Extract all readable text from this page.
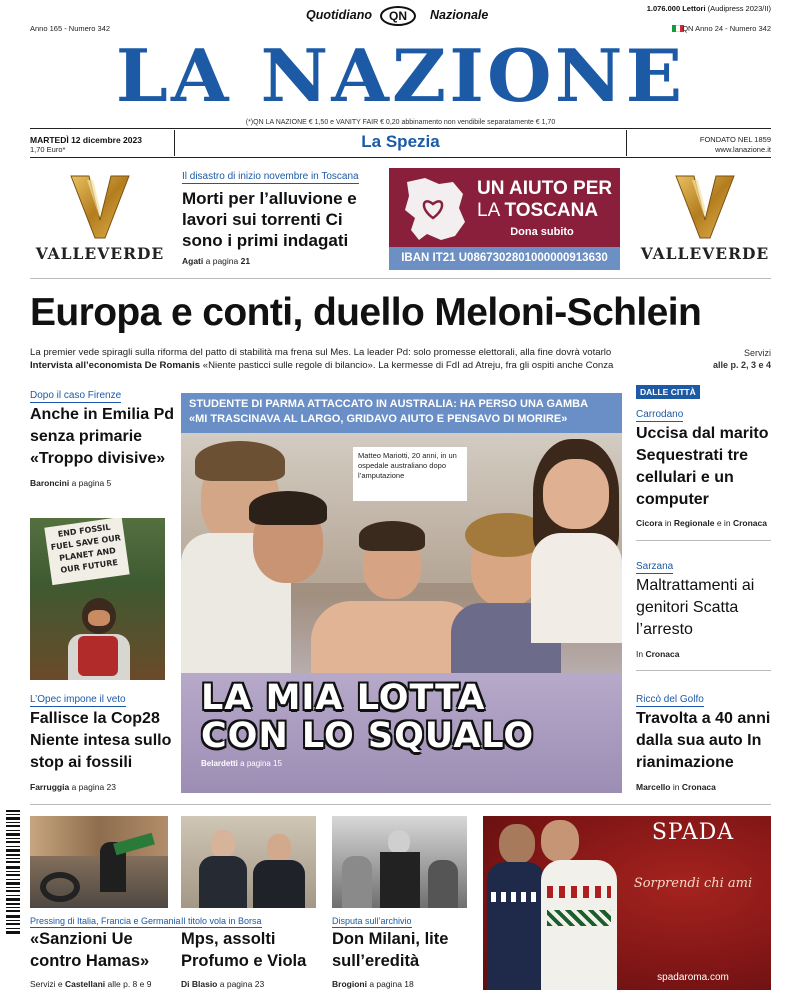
Anno 165 - Numero 342
Quotidiano	QN	Nazionale	1.076.000 Lettori (Audipress 2023/II)
QN Anno 24 - Numero 342
LA NAZIONE
(*)QN LA NAZIONE € 1,50 e VANITY FAIR € 0,20 abbinamento non vendibile separatamente € 1,70
MARTEDÌ 12 dicembre 2023
1,70 Euro*	La Spezia	FONDATO NEL 1859
www.lanazione.it
VALLEVERDE
Il disastro di inizio novembre in Toscana
Morti per l’alluvione e lavori sui torrenti Ci sono i primi indagati
Agati a pagina 21
UN AIUTO PER
LA TOSCANA
Dona subito
IBAN IT21 U0867302801000000913630	VALLEVERDE
Europa e conti, duello Meloni-Schlein
La premier vede spiragli sulla riforma del patto di stabilità ma frena sul Mes. La leader Pd: solo promesse elettorali, alla fine dovrà votarlo
Intervista all’economista De Romanis «Niente pasticci sulle regole di bilancio». La kermesse di FdI ad Atreju, fra gli ospiti anche Conza
Servizi
alle p. 2, 3 e 4
Dopo il caso Firenze
Anche in Emilia Pd senza primarie «Troppo divisive»
Baroncini a pagina 5
END FOSSIL FUEL SAVE OUR PLANET AND OUR FUTURE
L’Opec impone il veto
Fallisce la Cop28 Niente intesa sullo stop ai fossili
Farruggia a pagina 23
STUDENTE DI PARMA ATTACCATO IN AUSTRALIA: HA PERSO UNA GAMBA
«MI TRASCINAVA AL LARGO, GRIDAVO AIUTO E PENSAVO DI MORIRE»
Matteo Mariotti, 20 anni, in un ospedale australiano dopo l’amputazione
LA MIA LOTTA
CON LO SQUALO
Belardetti a pagina 15
DALLE CITTÀ
Carrodano
Uccisa dal marito Sequestrati tre cellulari e un computer
Cicora in Regionale e in Cronaca
Sarzana
Maltrattamenti ai genitori Scatta l’arresto
In Cronaca
Riccò del Golfo
Travolta a 40 anni dalla sua auto In rianimazione
Marcello in Cronaca
Pressing di Italia, Francia e Germania
«Sanzioni Ue contro Hamas»
Servizi e Castellani alle p. 8 e 9
Il titolo vola in Borsa
Mps, assolti Profumo e Viola
Di Blasio a pagina 23
Disputa sull’archivio
Don Milani, lite sull’eredità
Brogioni a pagina 18
SPADA
Sorprendi chi ami
spadaroma.com
